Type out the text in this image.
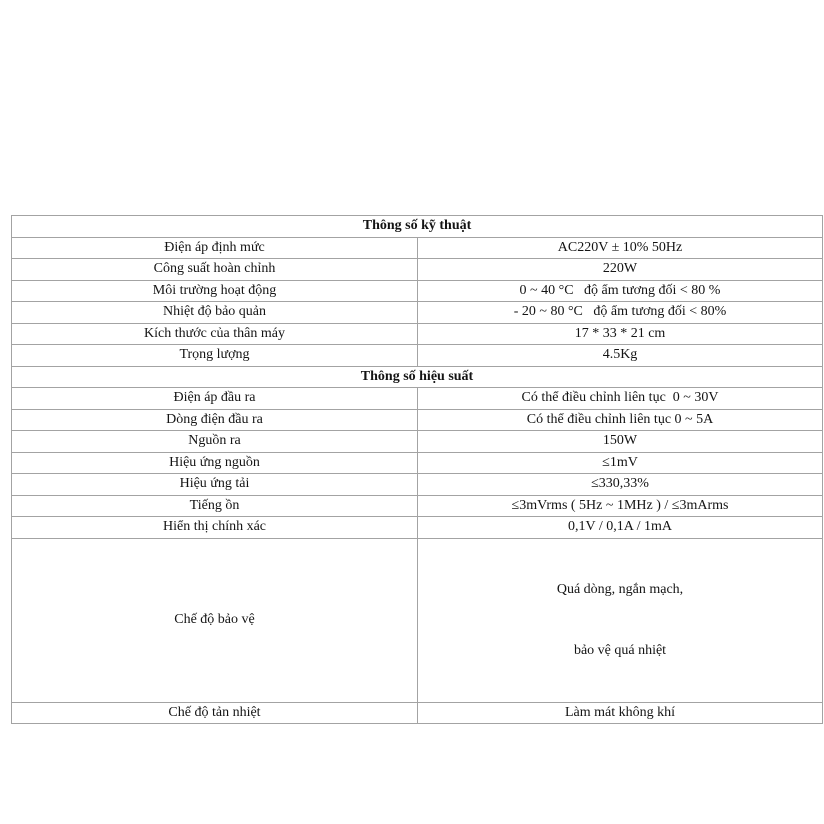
Thông số kỹ thuật	
Điện áp định mức	AC220V ± 10% 50Hz
Công suất hoàn chỉnh	220W
Môi trường hoạt động	0 ~ 40 °C   độ ẩm tương đối < 80 %
Nhiệt độ bảo quản	- 20 ~ 80 °C   độ ẩm tương đối < 80%
Kích thước của thân máy	17 * 33 * 21 cm
Trọng lượng	4.5Kg
Thông số hiệu suất	
Điện áp đầu ra	Có thể điều chỉnh liên tục  0 ~ 30V
Dòng điện đầu ra	Có thể điều chỉnh liên tục 0 ~ 5A
Nguồn ra	150W
Hiệu ứng nguồn	≤1mV
Hiệu ứng tải	≤330,33%
Tiếng ồn	≤3mVrms ( 5Hz ~ 1MHz ) / ≤3mArms
Hiển thị chính xác	0,1V / 0,1A / 1mA
Chế độ bảo vệ	Quá dòng, ngắn mạch,

bảo vệ quá nhiệt

Chế độ tản nhiệt	Làm mát không khí
